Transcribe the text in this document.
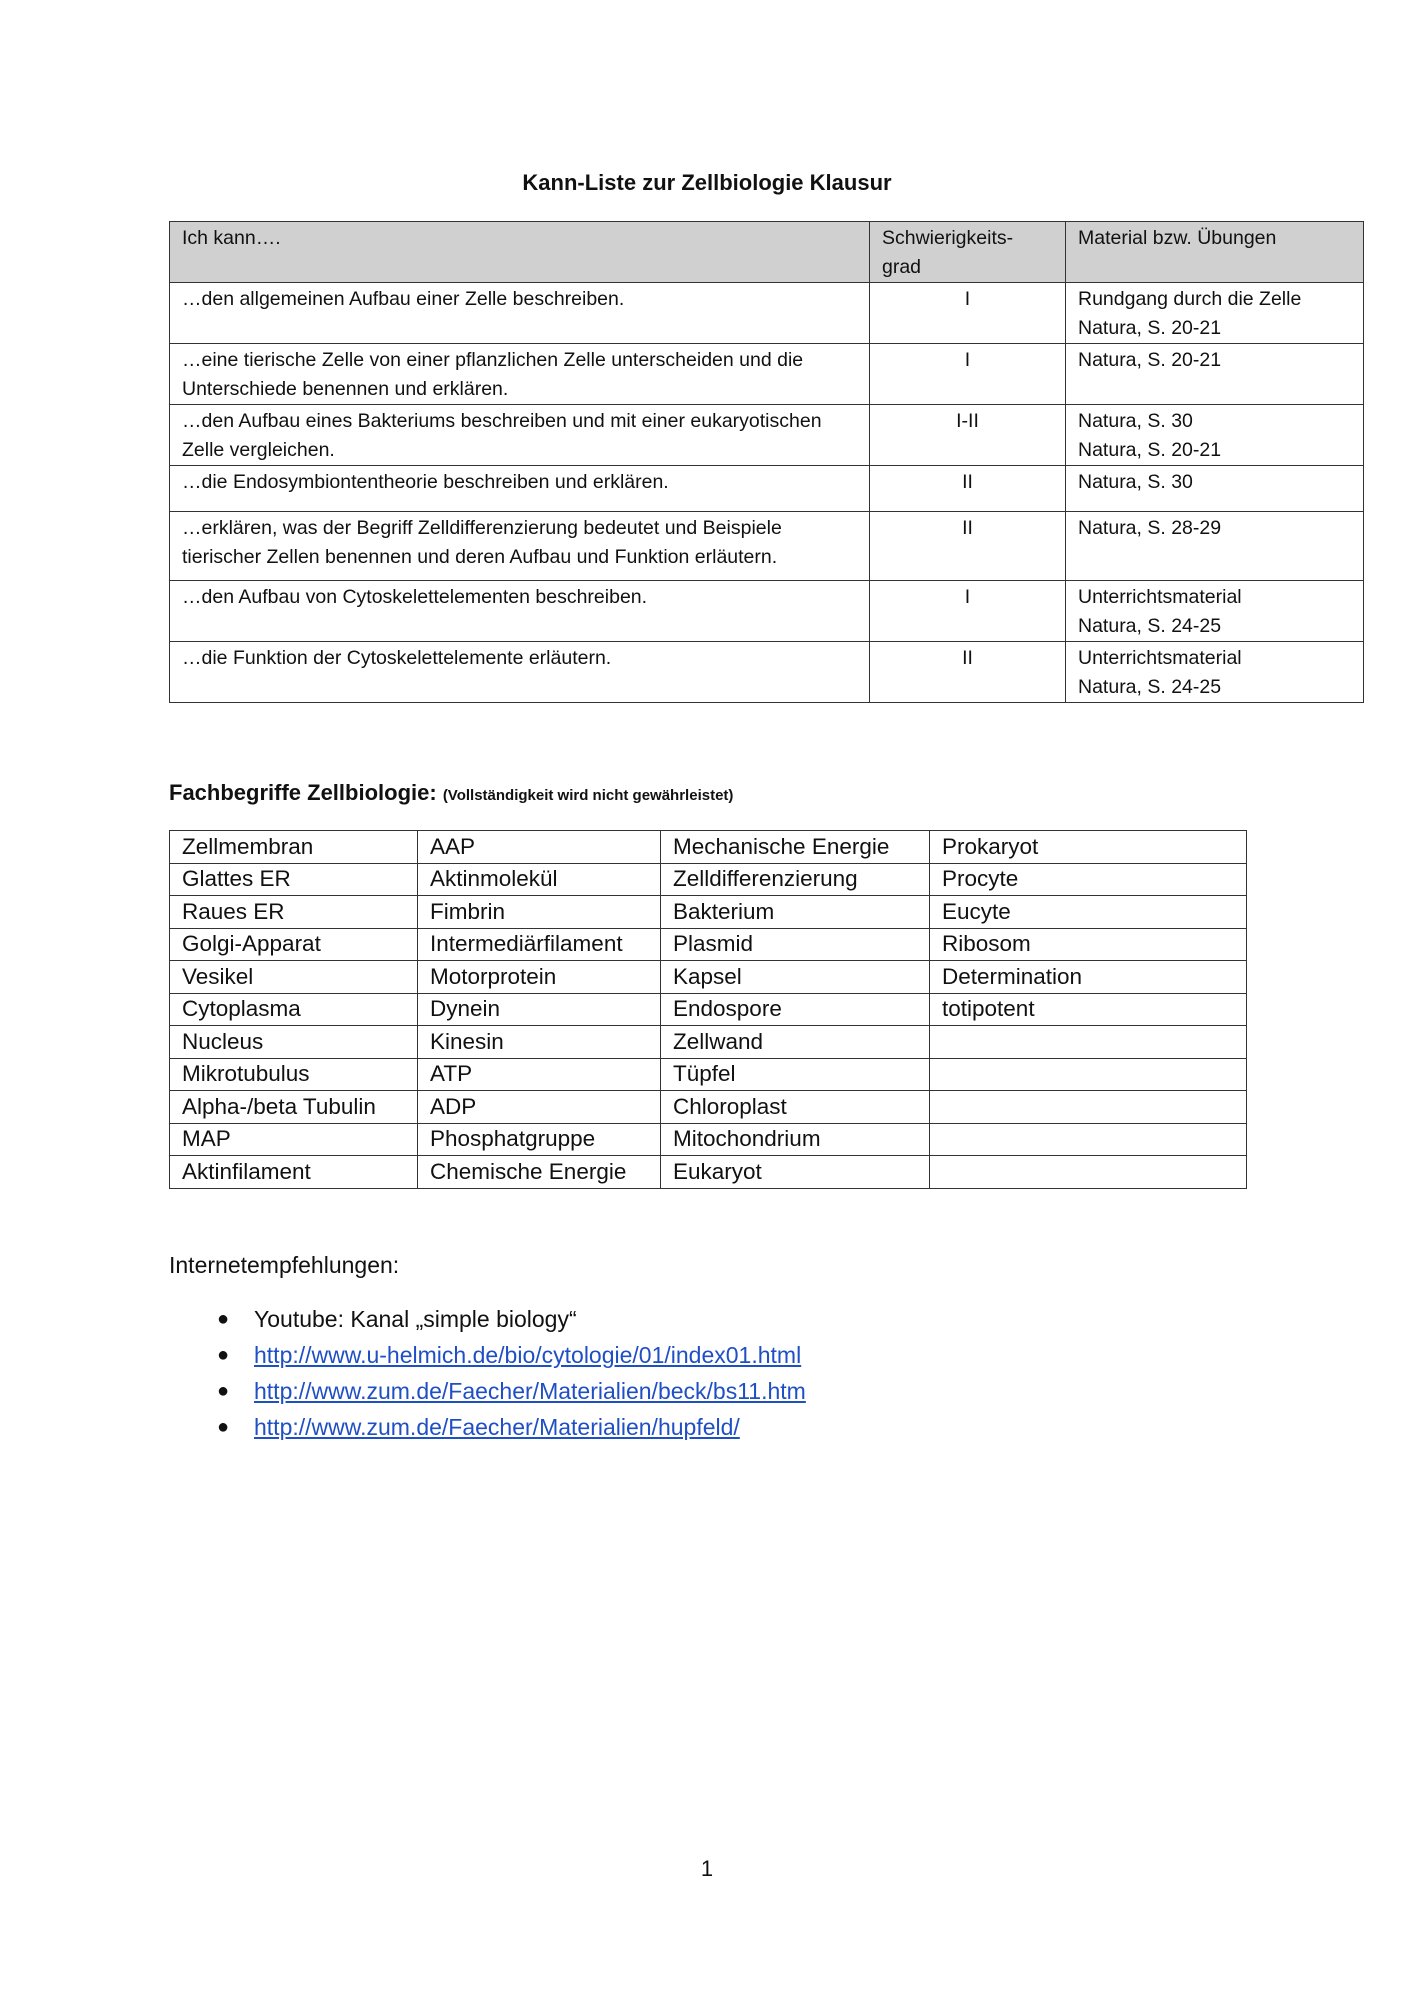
Kann-Liste zur Zellbiologie Klausur
Ich kann….	Schwierigkeits-
grad	Material bzw. Übungen
…den allgemeinen Aufbau einer Zelle beschreiben.	I	Rundgang durch die Zelle
Natura, S. 20-21

…eine tierische Zelle von einer pflanzlichen Zelle unterscheiden und die Unterschiede benennen und erklären.	I	Natura, S. 20-21

…den Aufbau eines Bakteriums beschreiben und mit einer eukaryotischen Zelle vergleichen.	I-II	Natura, S. 30
Natura, S. 20-21

…die Endosymbiontentheorie beschreiben und erklären.	II	Natura, S. 30

…erklären, was der Begriff Zelldifferenzierung bedeutet und Beispiele tierischer Zellen benennen und deren Aufbau und Funktion erläutern.	II	Natura, S. 28-29

…den Aufbau von Cytoskelettelementen beschreiben.	I	Unterrichtsmaterial
Natura, S. 24-25

…die Funktion der Cytoskelettelemente erläutern.	II	Unterrichtsmaterial
Natura, S. 24-25
Fachbegriffe Zellbiologie: (Vollständigkeit wird nicht gewährleistet)
Zellmembran	AAP	Mechanische Energie	Prokaryot
Glattes ER	Aktinmolekül	Zelldifferenzierung	Procyte
Raues ER	Fimbrin	Bakterium	Eucyte
Golgi-Apparat	Intermediärfilament	Plasmid	Ribosom
Vesikel	Motorprotein	Kapsel	Determination
Cytoplasma	Dynein	Endospore	totipotent
Nucleus	Kinesin	Zellwand	
Mikrotubulus	ATP	Tüpfel	
Alpha-/beta Tubulin	ADP	Chloroplast	
MAP	Phosphatgruppe	Mitochondrium	
Aktinfilament	Chemische Energie	Eukaryot	
Internetempfehlungen:
● Youtube: Kanal „simple biology“
● http://www.u-helmich.de/bio/cytologie/01/index01.html
● http://www.zum.de/Faecher/Materialien/beck/bs11.htm
● http://www.zum.de/Faecher/Materialien/hupfeld/
1
